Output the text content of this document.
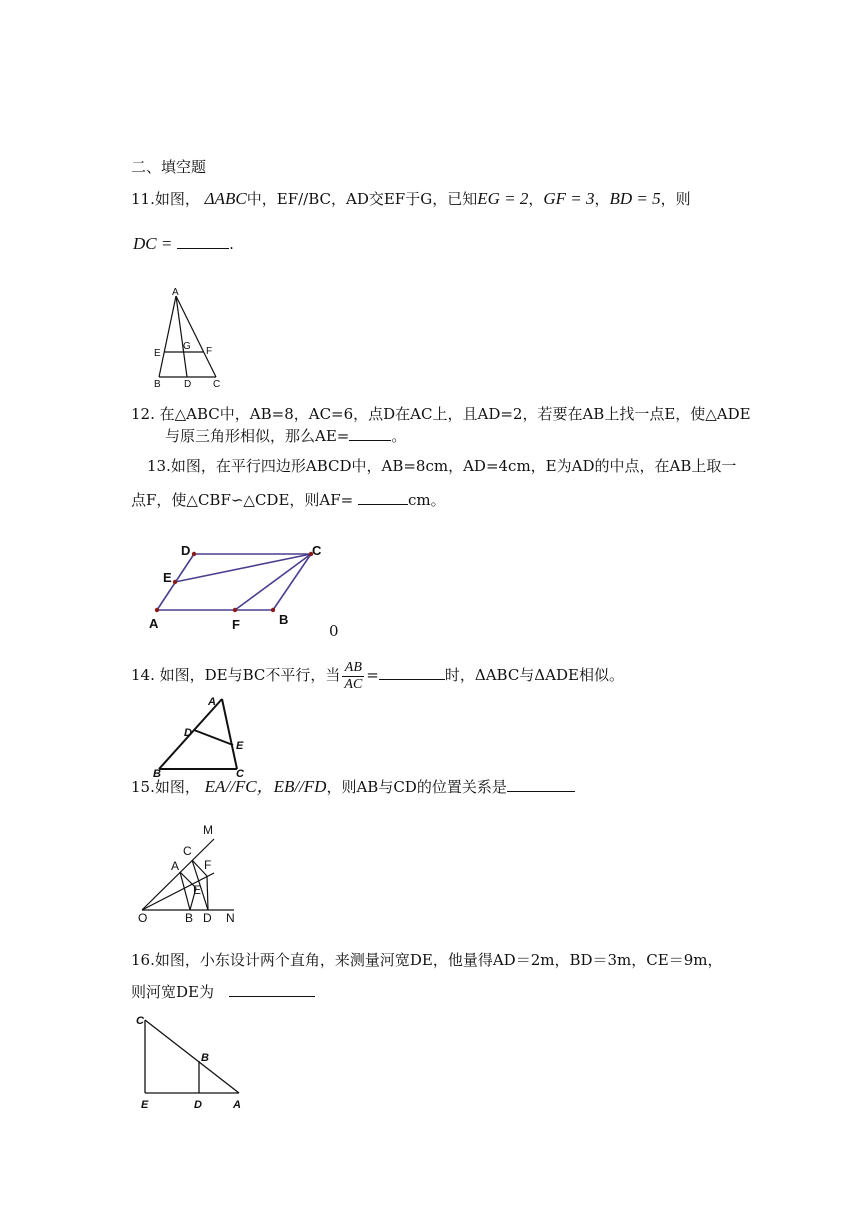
二、填空题
11.如图， ΔABC中，EF//BC，AD交EF于G，已知EG = 2，GF = 3，BD = 5，则
DC =	.
A
E
G F
B D C
12. 在△ABC中，AB=8，AC=6，点D在AC上，且AD=2，若要在AB上找一点E，使△ADE
与原三角形相似，那么AE=	。
13.如图，在平行四边形ABCD中，AB=8cm，AD=4cm，E为AD的中点，在AB上取一
点F，使△CBF∽△CDE，则AF=	cm。
A	B
C
D
E
F	0
14. 如图，DE与BC不平行，当 $\frac{AB}{AC}$ =	时，ΔABC与ΔADE相似。
A
D
E
B	C
15.如图， EA//FC，EB//FD，则AB与CD的位置关系是
M
C
A F
E
O	B D N
16.如图，小东设计两个直角，来测量河宽DE，他量得AD＝2m，BD＝3m，CE＝9m，
则河宽DE为
C
B
E	D	A
